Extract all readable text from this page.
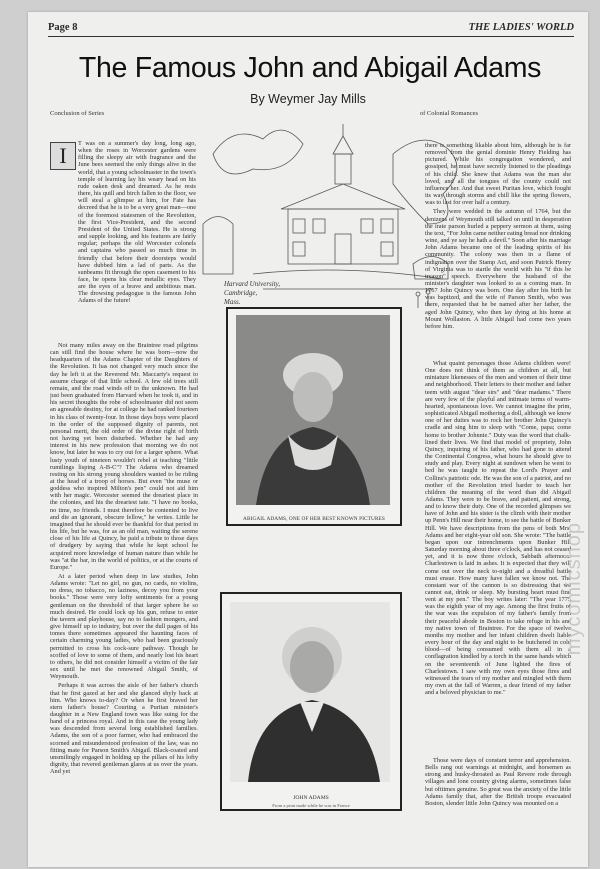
Page 8	THE LADIES' WORLD
The Famous John and Abigail Adams
By Weymer Jay Mills
Conclusion of Series	of Colonial Romances
I	T was on a summer's day long, long ago, when the roses in Worcester gardens were filling the sleepy air with fragrance and the June bees seemed the only things alive in the world, that a young schoolmaster in the town's temple of learning lay his weary head on his rude oaken desk and dreamed. As he rests there, his quill and birch fallen to the floor, we will steal a glimpse at him, for Fate has decreed that he is to be a very great man—one of the foremost statesmen of the Revolution, the first Vice-President, and the second President of the United States. He is strong and supple looking, and his features are fairly regular; perhaps the old Worcester colonels and captains who passed so much time in friendly chat before their doorsteps would have dubbed him a lad of parts. As the sunbeams fit through the open casement to his face, he opens his clear metallic eyes. They are the eyes of a brave and ambitious man. The drowsing pedagogue is the famous John Adams of the future!

Not many miles away on the Braintree road pilgrims can still find the house where he was born—now the headquarters of the Adams Chapter of the Daughters of the Revolution. It has not changed very much since the day he left it at the Reverend Mr. Maccarty's request to assume charge of that little school. A few old trees still remain, and the road winds off to the unknown. He had just been graduated from Harvard when he took it, and in his secret thoughts the robe of schoolmaster did not seem an agreeable destiny, for at college he had ranked fourteen in his class of twenty-four. In those days boys were placed in the order of the supposed dignity of parents, not personal merit, the old order of the divine right of birth not having yet been disturbed. Whether he had any interest in his new profession that morning we do not know, but later he was to cry out for a larger sphere. What lusty youth of nineteen wouldn't rebel at teaching "little rumtlings lisping A-B-C"? The Adams who dreamed resting on his strong young shoulders wanted to be riding at the head of a troop of horses. But even "the muse or goddess who inspired Milton's pen" could not aid him with her magic. Worcester seemed the dreariest place in the colonies, and his the dreariest tate. "I have no books, no time, no friends. I must therefore be contented to live and die an ignorant, obscure fellow," he writes. Little he imagined that he should ever be thankful for that period in his life, but he was, for as an old man, waiting the serene close of his life at Quincy, he paid a tribute to those days of drudgery by saying that while he kept school he acquired more knowledge of human nature than while he was "at the bar, in the world of politics, or at the courts of Europe."

At a later period when deep in law studies, John Adams wrote: "Let no girl, no gun, no cards, no violins, no dress, no tobacco, no laziness, decoy you from your books." Those were very lofty sentiments for a young gentleman on the threshold of that larger sphere he so much desired. He could lock up his gun, refuse to enter the tavern and playhouse, say no to fashion mongers, and give himself up to industry, but over the dull pages of his tomes there sometimes appeared the haunting faces of certain charming young ladies, who had been graciously permitted to cross his cock-sure pathway. Though he scoffed of love to some of them, and nearly lost his heart to others, he did not consider himself a victim of the fair sex until he met the renowned Abigail Smith, of Weymouth.

Perhaps it was across the aisle of her father's church that he first gazed at her and she glanced shyly back at him. Who knows to-day? Or when he first braved her stern father's house? Courting a Puritan minister's daughter in a New England town was like suing for the hand of a princess royal. And in this case the young lady was descended from several long established families. Adams, the son of a poor farmer, who had embraced the scorned and misunderstood profession of the law, was no fitting mate for Parson Smith's Abigail. Black-coated and unsmilingly engaged in holding up the pillars of his lofty dignity, that revered gentleman glares at us over the years. And yet

Harvard University,
Cambridge,
Mass.
ABIGAIL ADAMS, ONE OF HER BEST KNOWN PICTURES
JOHN ADAMS
From a print made while he was in France

there is something likable about him, although he is far removed from the genial dominie Henry Fielding has pictured. While his congregation wondered, and gossiped, he must have secretly listened to the pleadings of his child. She knew that Adams was the man she loved, and all the tongues of the county could not influence her. And that sweet Puritan love, which fought its way through storms and chill like the spring flowers, was to last for over half a century.

They were wedded in the autumn of 1764, but the denizens of Weymouth still talked on until in desperation the irate parson hurled a peppery sermon at them, using the text, "For John came neither eating bread nor drinking wine, and ye say he hath a devil." Soon after his marriage John Adams became one of the leading spirits of his community. The colony was then in a flame of indignation over the Stamp Act, and soon Patrick Henry of Virginia was to startle the world with his "if this be treason" speech. Everywhere the husband of the minister's daughter was looked to as a coming man. In 1767 John Quincy was born. One day after his birth he was baptized, and the wife of Parson Smith, who was there, requested that he be named after her father, the aged John Quincy, who then lay dying at his home at Mount Wollaston. A little Abigail had come two years before him.

What quaint personages those Adams children were! One does not think of them as children at all, but miniature likenesses of the men and women of their time and neighborhood. Their letters to their mother and father teem with august "dear sirs" and "dear madams." There are very few of the playful and intimate terms of warm-hearted, spontaneous love. We cannot imagine the prim, sophisticated Abigail mothering a doll, although we know one of her duties was to rock her brother John Quincy's cradle and sing him to sleep with "Come, papa; come home to brother Johnnie." Duty was the word that chalk-lined their lives. We find that model of propriety, John Quincy, inquiring of his father, who had gone to attend the Continental Congress, what hours he should give to study and play. Every night at sundown when he went to bed he was taught to repeat the Lord's Prayer and Collins's patriotic ode. He was the son of a patriot, and no mother of the Revolution tried harder to teach her children the meaning of the word than did Abigail Adams. They were to be brave, and patient, and strong, and to know their duty. One of the recorded glimpses we have of John and his sister is the climb with their mother up Penn's Hill near their home, to see the battle of Bunker Hill. We have descriptions from the pens of both Mrs. Adams and her eight-year old son. She wrote: "The battle began upon our intrenchments upon Bunker Hill Saturday morning about three o'clock, and has not ceased yet, and it is now three o'clock, Sabbath afternoon. Charlestown is laid in ashes. It is expected that they will come out over the neck to-night and a dreadful battle must ensue. How many have fallen we know not. The constant war of the cannon is so distressing that we cannot eat, drink or sleep. My bursting heart must find vent at my pen." The boy writes later: "The year 1775 was the eighth year of my age. Among the first fruits of the war was the expulsion of my father's family from their peaceful abode in Boston to take refuge in his and my native town of Braintree. For the space of twelve months my mother and her infant children dwelt liable every hour of the day and night to be butchered in cold blood—of being consumed with them all in a conflagration kindled by a torch in the same hands which on the seventeenth of June lighted the fires of Charlestown. I saw with my own eyes those fires and witnessed the tears of my mother and mingled with them my own at the fall of Warren, a dear friend of my father and a beloved physician to me."

Those were days of constant terror and apprehension. Bells rang out warnings at midnight, and horsemen as strong and husky-throated as Paul Revere rode through villages and lone country giving alarms, sometimes false but ofttimes genuine. So great was the anxiety of the little Adams family that, after the British troops evacuated Boston, slender little John Quincy was mounted on a

mycomicshop
